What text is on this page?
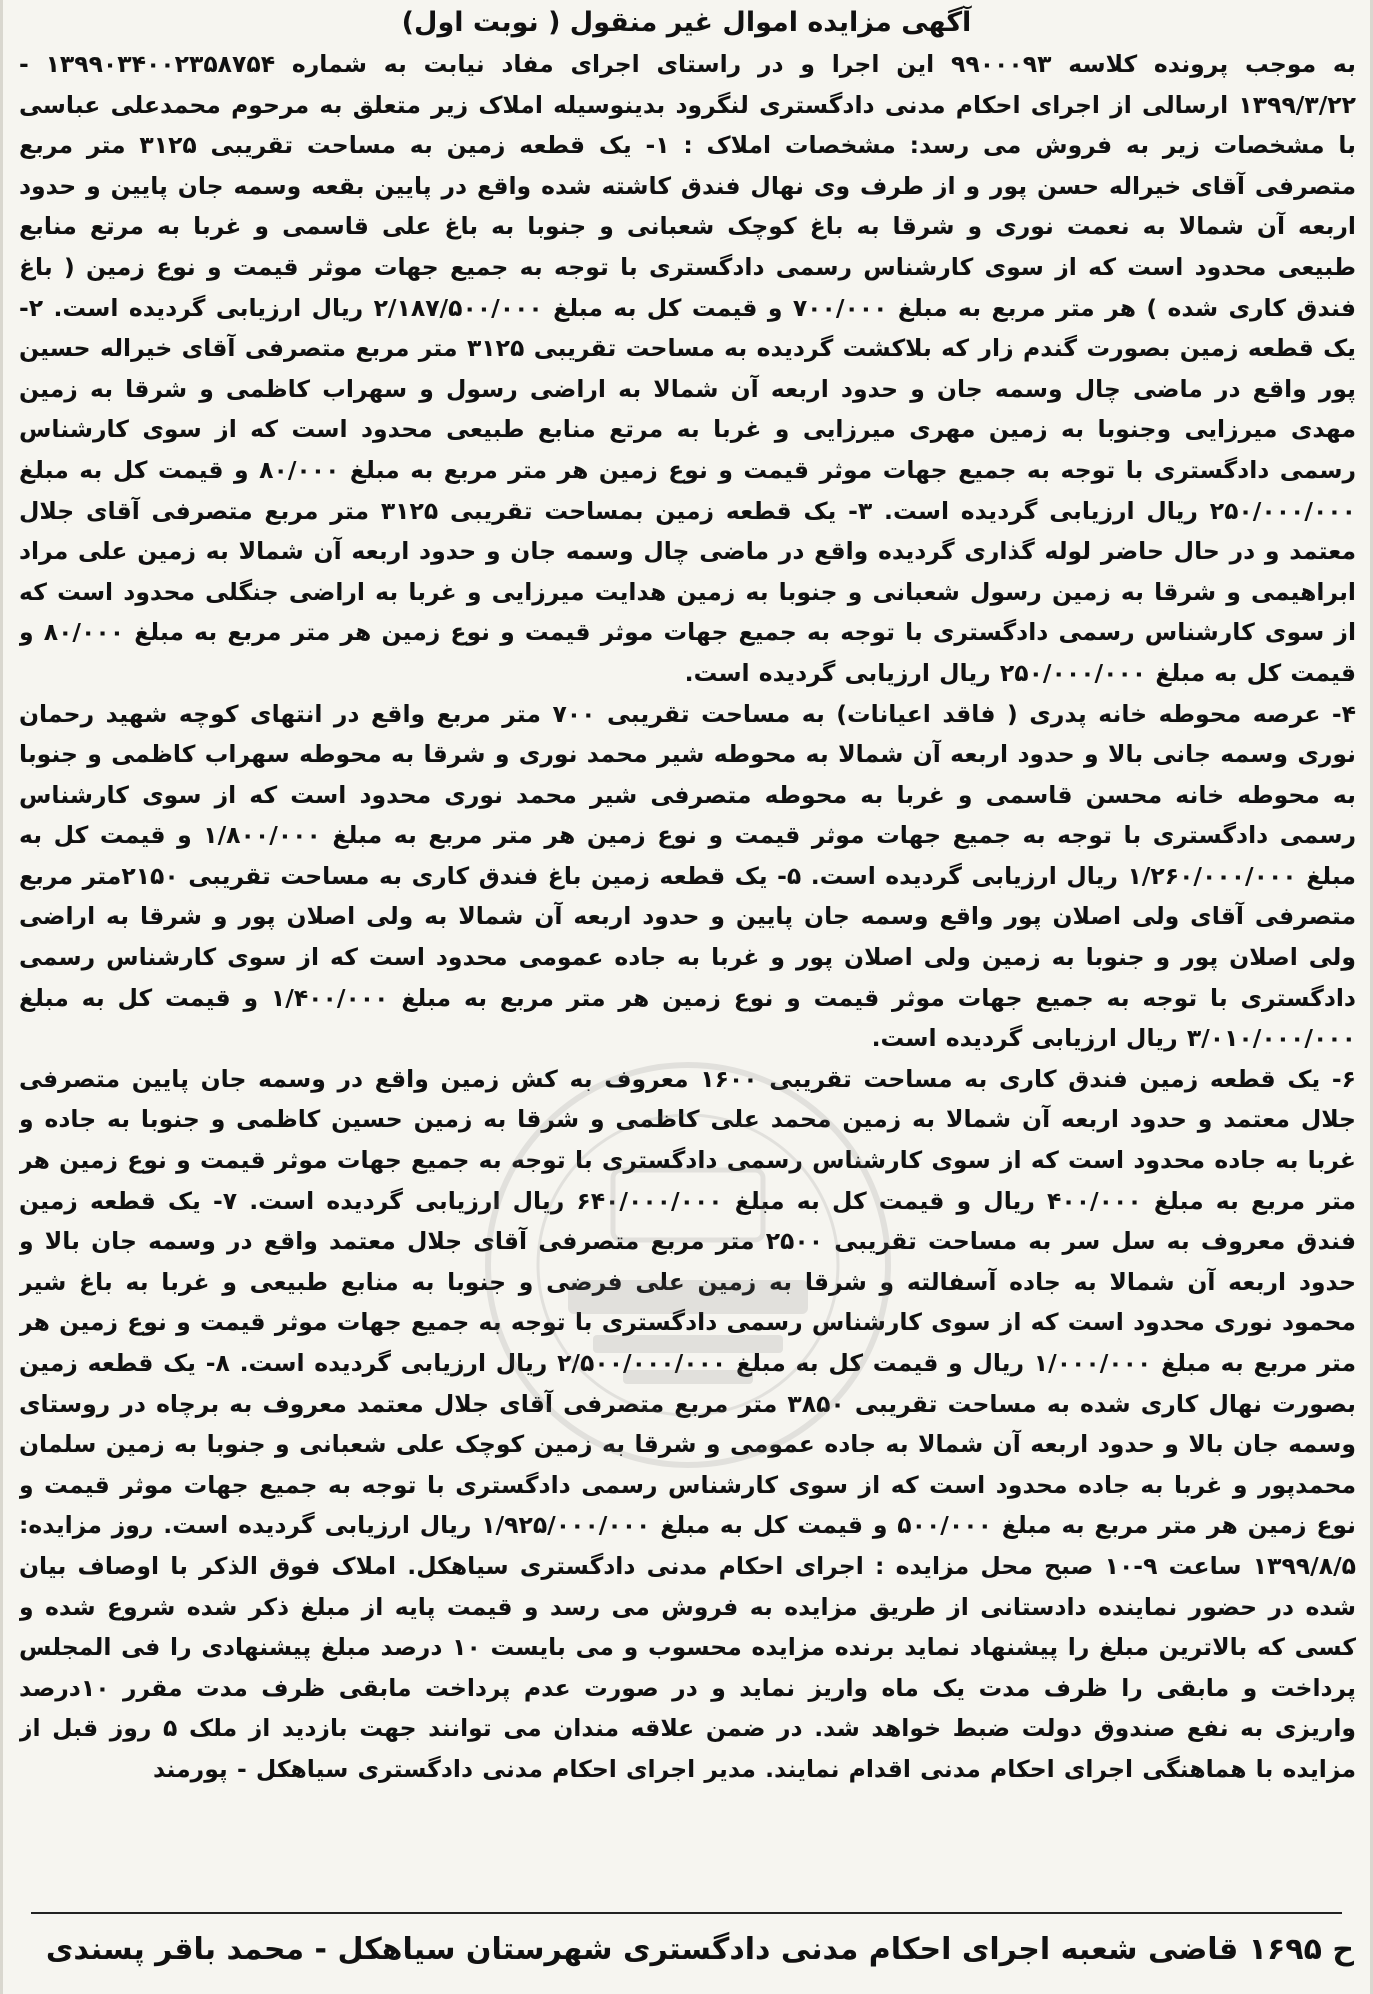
آگهی مزایده اموال غیر منقول ( نوبت اول)

به موجب پرونده کلاسه ۹۹۰۰۰۹۳ این اجرا و در راستای اجرای مفاد نیابت به شماره ۱۳۹۹۰۳۴۰۰۲۳۵۸۷۵۴ - ۱۳۹۹/۳/۲۲ ارسالی از اجرای احکام مدنی دادگستری لنگرود بدینوسیله املاک زیر متعلق به مرحوم محمدعلی عباسی با مشخصات زیر به فروش می رسد: مشخصات املاک : ۱- یک قطعه زمین به مساحت تقریبی ۳۱۲۵ متر مربع متصرفی آقای خیراله حسن پور و از طرف وی نهال فندق کاشته شده واقع در پایین بقعه وسمه جان پایین و حدود اربعه آن شمالا به نعمت نوری و شرقا به باغ کوچک شعبانی و جنوبا به باغ علی قاسمی و غربا به مرتع منابع طبیعی محدود است که از سوی کارشناس رسمی دادگستری با توجه به جمیع جهات موثر قیمت و نوع زمین ( باغ فندق کاری شده ) هر متر مربع به مبلغ ۷۰۰/۰۰۰ و قیمت کل به مبلغ ۲/۱۸۷/۵۰۰/۰۰۰ ریال ارزیابی گردیده است. ۲- یک قطعه زمین بصورت گندم زار که بلاکشت گردیده به مساحت تقریبی ۳۱۲۵ متر مربع متصرفی آقای خیراله حسین پور واقع در ماضی چال وسمه جان و حدود اربعه آن شمالا به اراضی رسول و سهراب کاظمی و شرقا به زمین مهدی میرزایی وجنوبا به زمین مهری میرزایی و غربا به مرتع منابع طبیعی محدود است که از سوی کارشناس رسمی دادگستری با توجه به جمیع جهات موثر قیمت و نوع زمین هر متر مربع به مبلغ ۸۰/۰۰۰ و قیمت کل به مبلغ ۲۵۰/۰۰۰/۰۰۰ ریال ارزیابی گردیده است. ۳- یک قطعه زمین بمساحت تقریبی ۳۱۲۵ متر مربع متصرفی آقای جلال معتمد و در حال حاضر لوله گذاری گردیده واقع در ماضی چال وسمه جان و حدود اربعه آن شمالا به زمین علی مراد ابراهیمی و شرقا به زمین رسول شعبانی و جنوبا به زمین هدایت میرزایی و غربا به اراضی جنگلی محدود است که از سوی کارشناس رسمی دادگستری با توجه به جمیع جهات موثر قیمت و نوع زمین هر متر مربع به مبلغ ۸۰/۰۰۰ و قیمت کل به مبلغ ۲۵۰/۰۰۰/۰۰۰ ریال ارزیابی گردیده است.

۴- عرصه محوطه خانه پدری ( فاقد اعیانات) به مساحت تقریبی ۷۰۰ متر مربع واقع در انتهای کوچه شهید رحمان نوری وسمه جانی بالا و حدود اربعه آن شمالا به محوطه شیر محمد نوری و شرقا به محوطه سهراب کاظمی و جنوبا به محوطه خانه محسن قاسمی و غربا به محوطه متصرفی شیر محمد نوری محدود است که از سوی کارشناس رسمی دادگستری با توجه به جمیع جهات موثر قیمت و نوع زمین هر متر مربع به مبلغ ۱/۸۰۰/۰۰۰ و قیمت کل به مبلغ ۱/۲۶۰/۰۰۰/۰۰۰ ریال ارزیابی گردیده است. ۵- یک قطعه زمین باغ فندق کاری به مساحت تقریبی ۲۱۵۰متر مربع متصرفی آقای ولی اصلان پور واقع وسمه جان پایین و حدود اربعه آن شمالا به ولی اصلان پور و شرقا به اراضی ولی اصلان پور و جنوبا به زمین ولی اصلان پور و غربا به جاده عمومی محدود است که از سوی کارشناس رسمی دادگستری با توجه به جمیع جهات موثر قیمت و نوع زمین هر متر مربع به مبلغ ۱/۴۰۰/۰۰۰ و قیمت کل به مبلغ ۳/۰۱۰/۰۰۰/۰۰۰ ریال ارزیابی گردیده است.

۶- یک قطعه زمین فندق کاری به مساحت تقریبی ۱۶۰۰ معروف به کش زمین واقع در وسمه جان پایین متصرفی جلال معتمد و حدود اربعه آن شمالا به زمین محمد علی کاظمی و شرقا به زمین حسین کاظمی و جنوبا به جاده و غربا به جاده محدود است که از سوی کارشناس رسمی دادگستری با توجه به جمیع جهات موثر قیمت و نوع زمین هر متر مربع به مبلغ ۴۰۰/۰۰۰ ریال و قیمت کل به مبلغ ۶۴۰/۰۰۰/۰۰۰ ریال ارزیابی گردیده است. ۷- یک قطعه زمین فندق معروف به سل سر به مساحت تقریبی ۲۵۰۰ متر مربع متصرفی آقای جلال معتمد واقع در وسمه جان بالا و حدود اربعه آن شمالا به جاده آسفالته و شرقا به زمین علی فرضی و جنوبا به منابع طبیعی و غربا به باغ شیر محمود نوری محدود است که از سوی کارشناس رسمی دادگستری با توجه به جمیع جهات موثر قیمت و نوع زمین هر متر مربع به مبلغ ۱/۰۰۰/۰۰۰ ریال و قیمت کل به مبلغ ۲/۵۰۰/۰۰۰/۰۰۰ ریال ارزیابی گردیده است. ۸- یک قطعه زمین بصورت نهال کاری شده به مساحت تقریبی ۳۸۵۰ متر مربع متصرفی آقای جلال معتمد معروف به برچاه در روستای وسمه جان بالا و حدود اربعه آن شمالا به جاده عمومی و شرقا به زمین کوچک علی شعبانی و جنوبا به زمین سلمان محمدپور و غربا به جاده محدود است که از سوی کارشناس رسمی دادگستری با توجه به جمیع جهات موثر قیمت و نوع زمین هر متر مربع به مبلغ ۵۰۰/۰۰۰ و قیمت کل به مبلغ ۱/۹۲۵/۰۰۰/۰۰۰ ریال ارزیابی گردیده است. روز مزایده: ۱۳۹۹/۸/۵ ساعت ۹-۱۰ صبح محل مزایده : اجرای احکام مدنی دادگستری سیاهکل. املاک فوق الذکر با اوصاف بیان شده در حضور نماینده دادستانی از طریق مزایده به فروش می رسد و قیمت پایه از مبلغ ذکر شده شروع شده و کسی که بالاترین مبلغ را پیشنهاد نماید برنده مزایده محسوب و می بایست ۱۰ درصد مبلغ پیشنهادی را فی المجلس پرداخت و مابقی را ظرف مدت یک ماه واریز نماید و در صورت عدم پرداخت مابقی ظرف مدت مقرر ۱۰درصد واریزی به نفع صندوق دولت ضبط خواهد شد. در ضمن علاقه مندان می توانند جهت بازدید از ملک ۵ روز قبل از مزایده با هماهنگی اجرای احکام مدنی اقدام نمایند. مدیر اجرای احکام مدنی دادگستری سیاهکل - پورمند

ح ۱۶۹۵ قاضی شعبه اجرای احکام مدنی دادگستری شهرستان سیاهکل - محمد باقر پسندی
